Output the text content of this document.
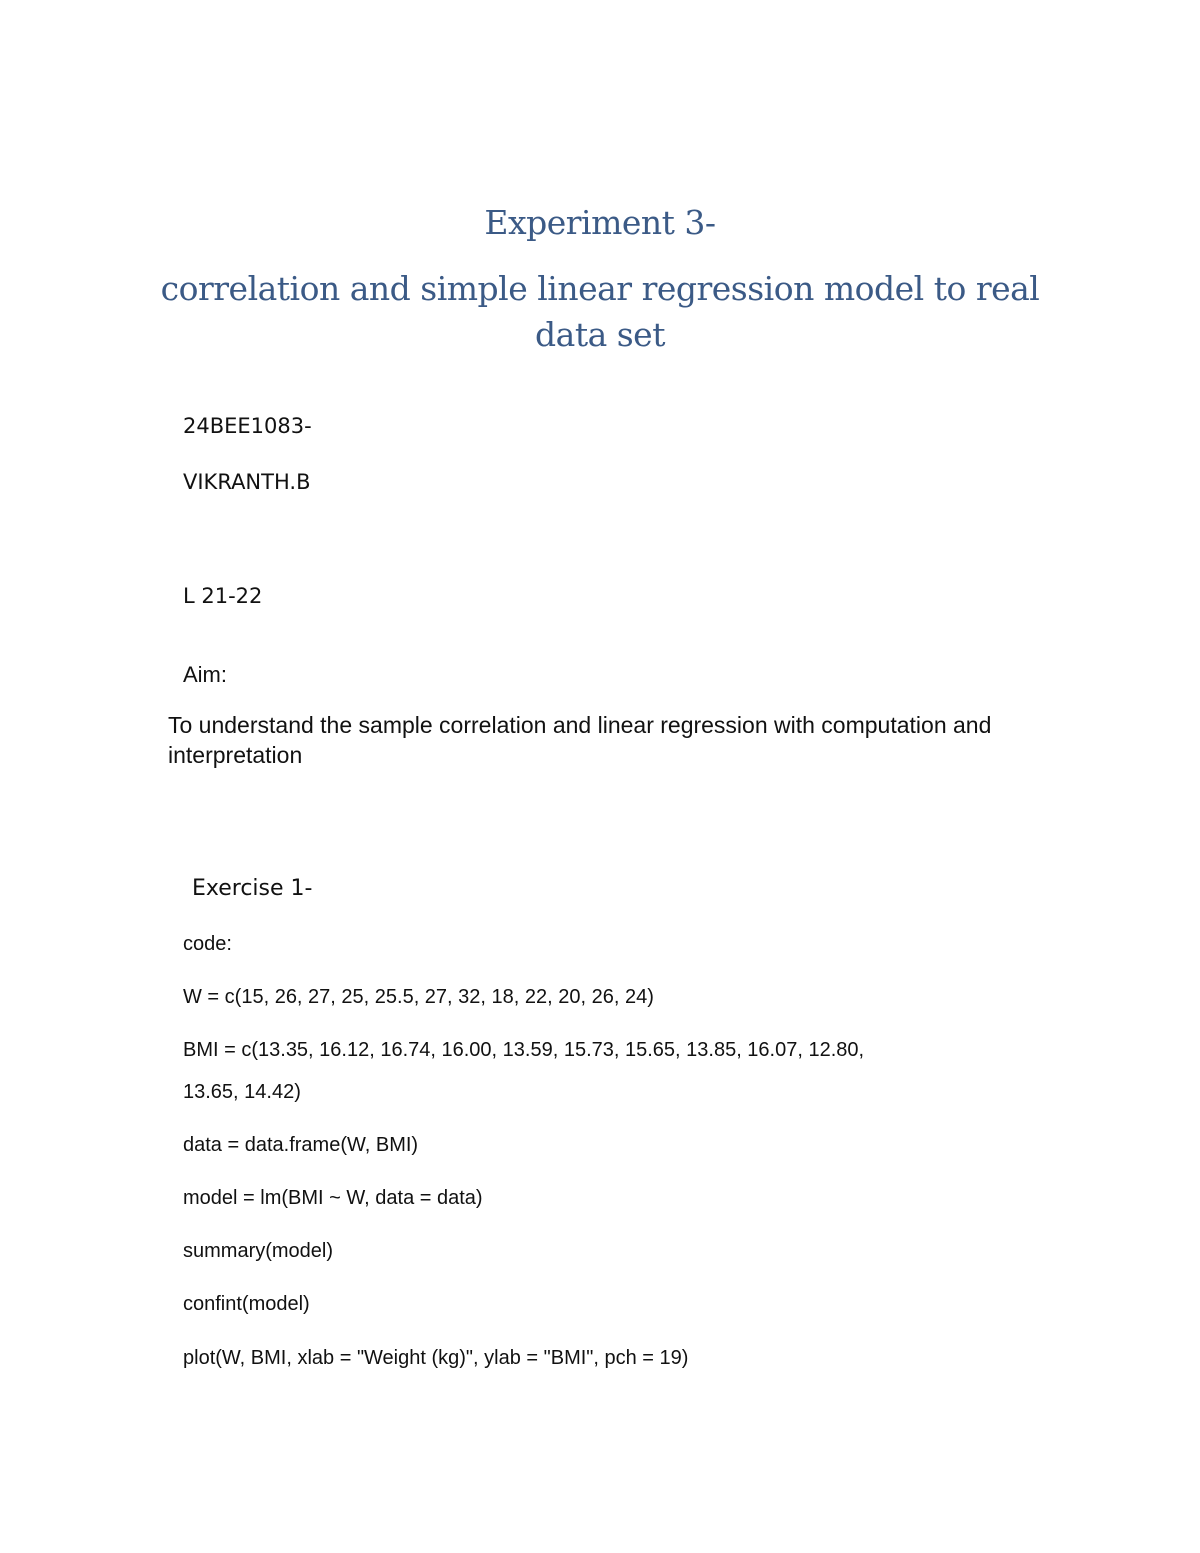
Experiment 3-
correlation and simple linear regression model to real data set

24BEE1083-

VIKRANTH.B

L 21-22

Aim:

To understand the sample correlation and linear regression with computation and interpretation

Exercise 1-

code:

W = c(15, 26, 27, 25, 25.5, 27, 32, 18, 22, 20, 26, 24)

BMI = c(13.35, 16.12, 16.74, 16.00, 13.59, 15.73, 15.65, 13.85, 16.07, 12.80,

13.65, 14.42)

data = data.frame(W, BMI)

model = lm(BMI ~ W, data = data)

summary(model)

confint(model)

plot(W, BMI, xlab = "Weight (kg)", ylab = "BMI", pch = 19)
